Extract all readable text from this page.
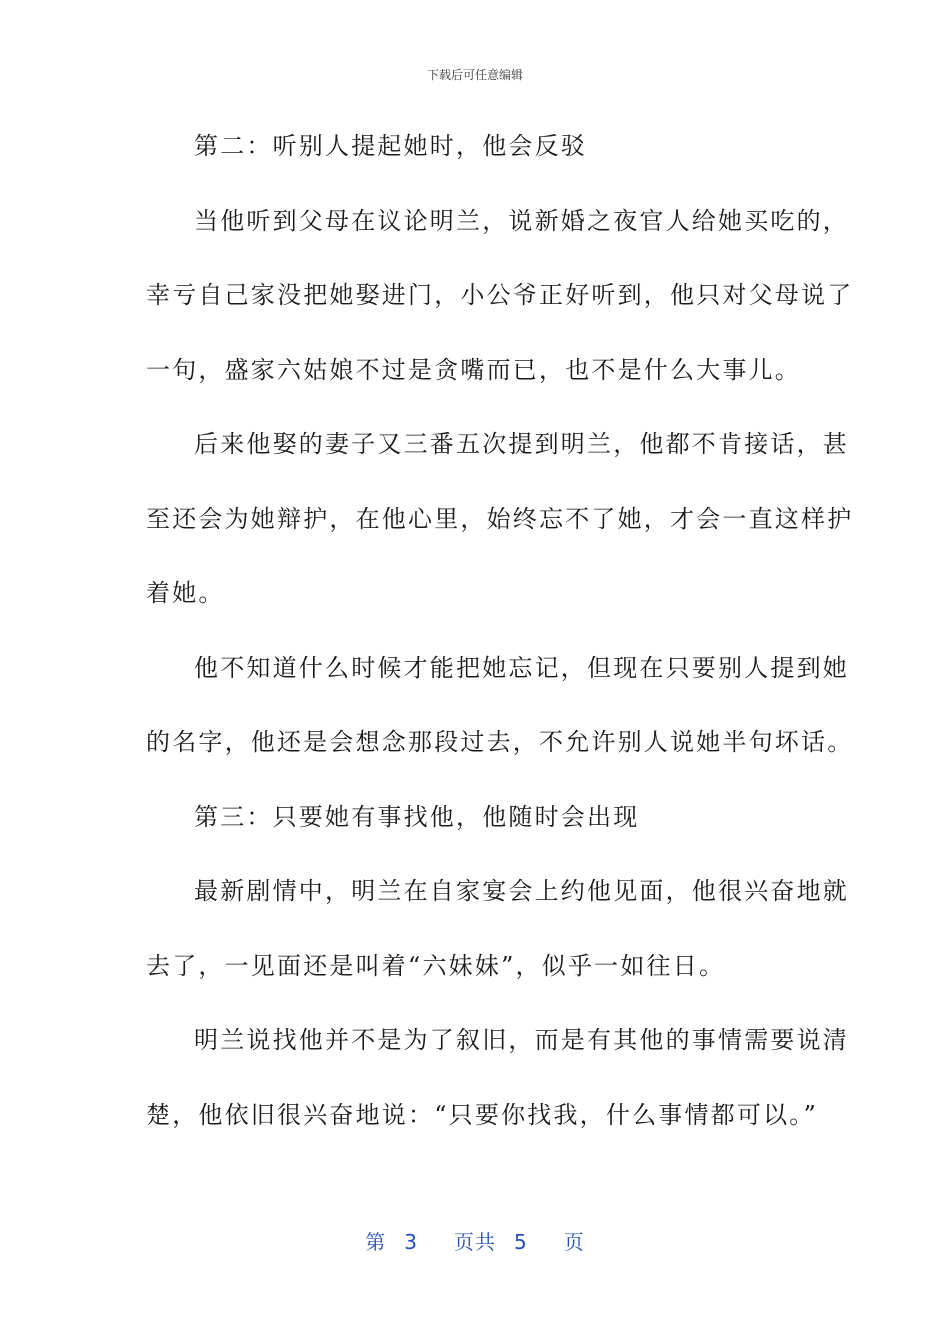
下载后可任意编辑
第二：听别人提起她时，他会反驳
当他听到父母在议论明兰，说新婚之夜官人给她买吃的，
幸亏自己家没把她娶进门，小公爷正好听到，他只对父母说了
一句，盛家六姑娘不过是贪嘴而已，也不是什么大事儿。
后来他娶的妻子又三番五次提到明兰，他都不肯接话，甚
至还会为她辩护，在他心里，始终忘不了她，才会一直这样护
着她。
他不知道什么时候才能把她忘记，但现在只要别人提到她
的名字，他还是会想念那段过去，不允许别人说她半句坏话。
第三：只要她有事找他，他随时会出现
最新剧情中，明兰在自家宴会上约他见面，他很兴奋地就
去了，一见面还是叫着“六妹妹”，似乎一如往日。
明兰说找他并不是为了叙旧，而是有其他的事情需要说清
楚，他依旧很兴奋地说：“只要你找我，什么事情都可以。”
第 3 页共 5 页
